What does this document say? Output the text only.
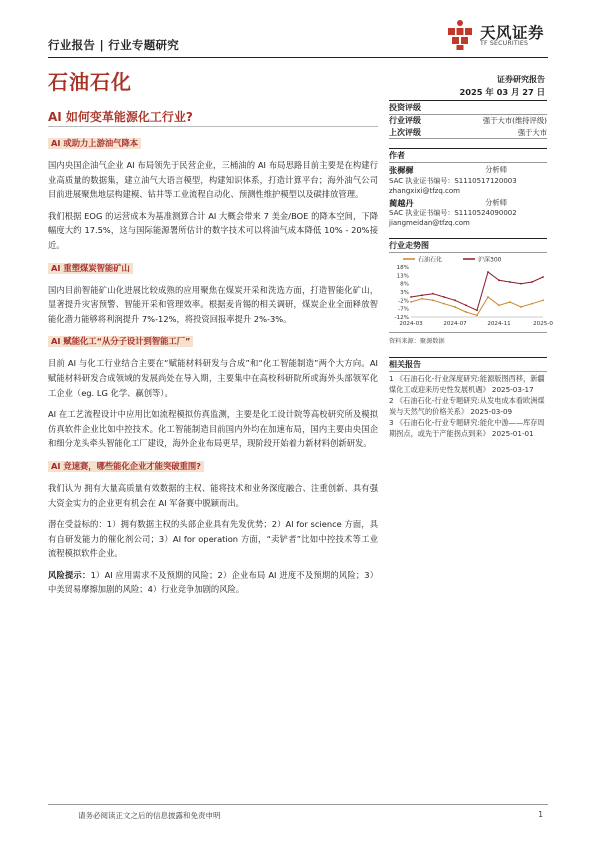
行业报告 | 行业专题研究
天风证券
TF SECURITIES
石油石化	证券研究报告
2025 年 03 月 27 日
AI 如何变革能源化工行业?
AI 或助力上游油气降本

国内央国企油气企业 AI 布局领先于民营企业，三桶油的 AI 布局思路目前主要是在构建行业高质量的数据集，建立油气大语言模型，构建知识体系，打造计算平台；海外油气公司目前进展聚焦地层构建模、钻井等工业流程自动化、预测性维护模型以及碳排放管理。

我们根据 EOG 的运营成本为基准测算合计 AI 大概会带来 7 美金/BOE 的降本空间，下降幅度大约 17.5%，这与国际能源署所估计的数字技术可以将油气成本降低 10% - 20%接近。

AI 重塑煤炭智能矿山

国内目前智能矿山化进展比较成熟的应用聚焦在煤炭开采和洗选方面，打造智能化矿山，显著提升灾害预警、智能开采和管理效率。根据麦肯锡的相关调研，煤炭企业全面释放智能化潜力能够将利润提升 7%-12%，将投资回报率提升 2%-3%。

AI 赋能化工“从分子设计到智能工厂”

目前 AI 与化工行业结合主要在“赋能材料研发与合成”和“化工智能制造”两个大方向。AI 赋能材料研发合成领域的发展尚处在导入期，主要集中在高校科研院所或海外头部领军化工企业（eg. LG 化学、赢创等）。

AI 在工艺流程设计中应用比如流程模拟仿真监测，主要是化工设计院等高校研究所及模拟仿真软件企业比如中控技术。化工智能制造目前国内外均在加速布局，国内主要由央国企和细分龙头牵头智能化工厂建设，海外企业布局更早，现阶段开始着力新材料创新研发。

AI 竞速赛，哪些能化企业才能突破重围?

我们认为 拥有大量高质量有效数据的主权、能将技术和业务深度融合、注重创新、具有强大资金实力的企业更有机会在 AI 军备赛中脱颖而出。

潜在受益标的：1）拥有数据主权的头部企业具有先发优势；2）AI for science 方面，具有自研发能力的催化剂公司；3）AI for operation 方面，“卖铲者”比如中控技术等工业流程模拟软件企业。

风险提示：1）AI 应用需求不及预期的风险；2）企业布局 AI 进度不及预期的风险；3）中美贸易摩擦加剧的风险；4）行业竞争加剧的风险。

投资评级
行业评级	强于大市(维持评级)
上次评级	强于大市
作者
张樨樨	分析师
SAC 执业证书编号：S1110517120003
zhangxixi@tfzq.com
蔺越丹	分析师
SAC 执业证书编号：S1110524090002
jiangmeidan@tfzq.com
行业走势图
石油石化	沪深300
18%
13%
8%
3%
-2%
-7%
-12%
2024-03	2024-07	2024-11	2025-0
资料来源：聚源数据
相关报告
1 《石油石化-行业深度研究:能源版图西移，新疆煤化工或迎来历史性发展机遇》 2025-03-17
2 《石油石化-行业专题研究:从发电成本看欧洲煤炭与天然气的价格关系》 2025-03-09
3 《石油石化-行业专题研究:能化中游——库存周期拐点，或先于产能拐点到来》 2025-01-01
请务必阅读正文之后的信息披露和免责申明	1
